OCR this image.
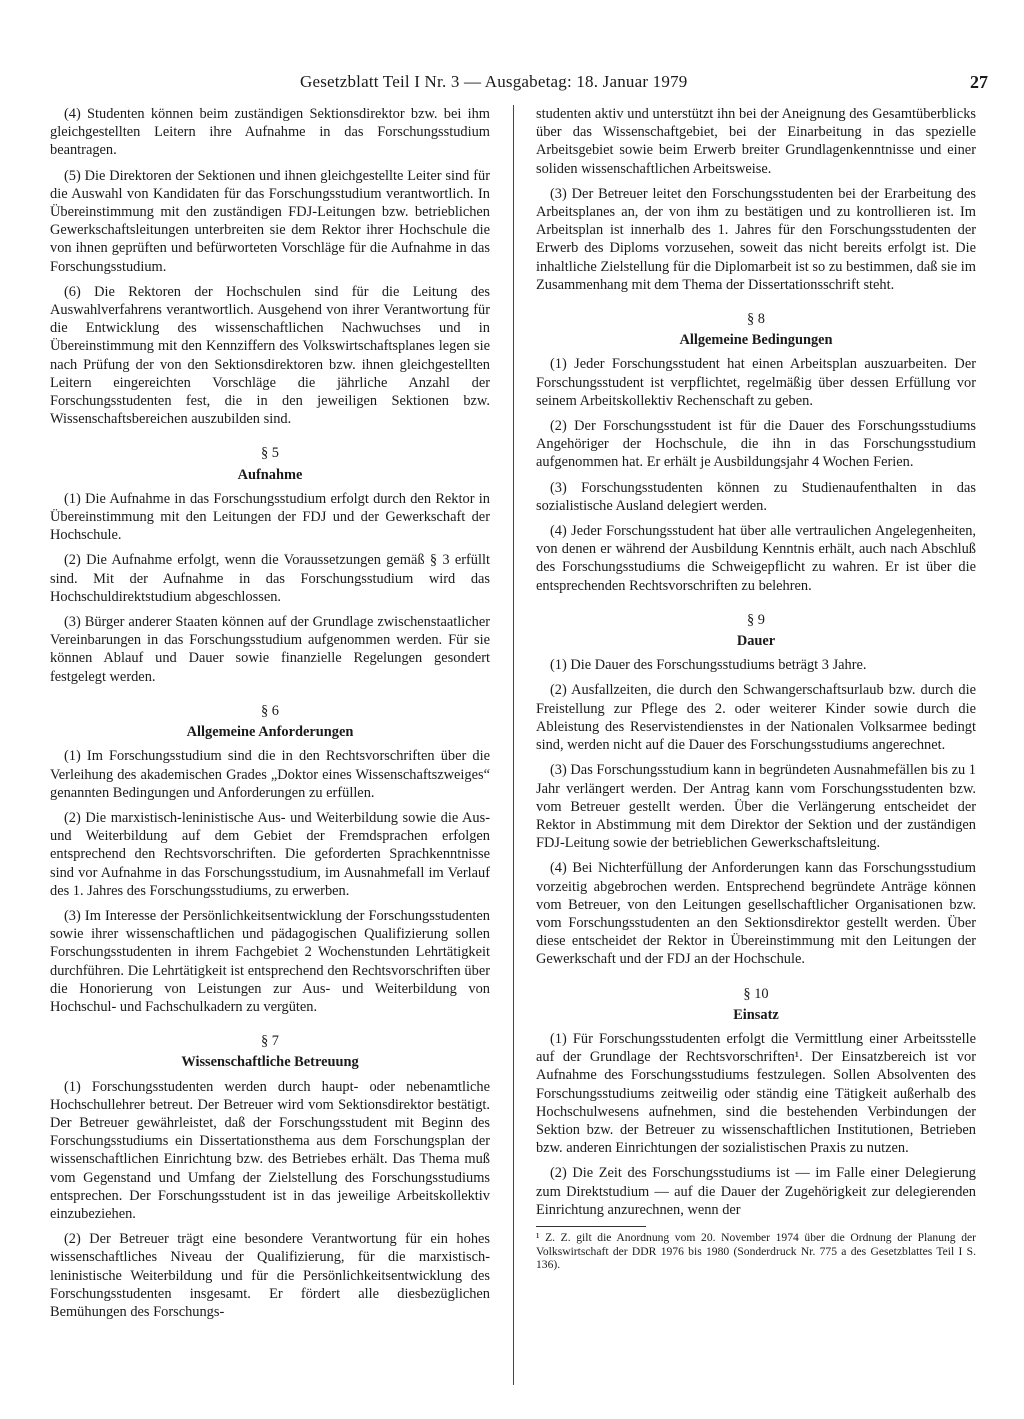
Gesetzblatt Teil I Nr. 3 — Ausgabetag: 18. Januar 1979	27

(4) Studenten können beim zuständigen Sektionsdirektor bzw. bei ihm gleichgestellten Leitern ihre Aufnahme in das Forschungsstudium beantragen.

(5) Die Direktoren der Sektionen und ihnen gleichgestellte Leiter sind für die Auswahl von Kandidaten für das Forschungsstudium verantwortlich. In Übereinstimmung mit den zuständigen FDJ-Leitungen bzw. betrieblichen Gewerkschaftsleitungen unterbreiten sie dem Rektor ihrer Hochschule die von ihnen geprüften und befürworteten Vorschläge für die Aufnahme in das Forschungsstudium.

(6) Die Rektoren der Hochschulen sind für die Leitung des Auswahlverfahrens verantwortlich. Ausgehend von ihrer Verantwortung für die Entwicklung des wissenschaftlichen Nachwuchses und in Übereinstimmung mit den Kennziffern des Volkswirtschaftsplanes legen sie nach Prüfung der von den Sektionsdirektoren bzw. ihnen gleichgestellten Leitern eingereichten Vorschläge die jährliche Anzahl der Forschungsstudenten fest, die in den jeweiligen Sektionen bzw. Wissenschaftsbereichen auszubilden sind.

§ 5
Aufnahme

(1) Die Aufnahme in das Forschungsstudium erfolgt durch den Rektor in Übereinstimmung mit den Leitungen der FDJ und der Gewerkschaft der Hochschule.

(2) Die Aufnahme erfolgt, wenn die Voraussetzungen gemäß § 3 erfüllt sind. Mit der Aufnahme in das Forschungsstudium wird das Hochschuldirektstudium abgeschlossen.

(3) Bürger anderer Staaten können auf der Grundlage zwischenstaatlicher Vereinbarungen in das Forschungsstudium aufgenommen werden. Für sie können Ablauf und Dauer sowie finanzielle Regelungen gesondert festgelegt werden.

§ 6
Allgemeine Anforderungen

(1) Im Forschungsstudium sind die in den Rechtsvorschriften über die Verleihung des akademischen Grades „Doktor eines Wissenschaftszweiges“ genannten Bedingungen und Anforderungen zu erfüllen.

(2) Die marxistisch-leninistische Aus- und Weiterbildung sowie die Aus- und Weiterbildung auf dem Gebiet der Fremdsprachen erfolgen entsprechend den Rechtsvorschriften. Die geforderten Sprachkenntnisse sind vor Aufnahme in das Forschungsstudium, im Ausnahmefall im Verlauf des 1. Jahres des Forschungsstudiums, zu erwerben.

(3) Im Interesse der Persönlichkeitsentwicklung der Forschungsstudenten sowie ihrer wissenschaftlichen und pädagogischen Qualifizierung sollen Forschungsstudenten in ihrem Fachgebiet 2 Wochenstunden Lehrtätigkeit durchführen. Die Lehrtätigkeit ist entsprechend den Rechtsvorschriften über die Honorierung von Leistungen zur Aus- und Weiterbildung von Hochschul- und Fachschulkadern zu vergüten.

§ 7
Wissenschaftliche Betreuung

(1) Forschungsstudenten werden durch haupt- oder nebenamtliche Hochschullehrer betreut. Der Betreuer wird vom Sektionsdirektor bestätigt. Der Betreuer gewährleistet, daß der Forschungsstudent mit Beginn des Forschungsstudiums ein Dissertationsthema aus dem Forschungsplan der wissenschaftlichen Einrichtung bzw. des Betriebes erhält. Das Thema muß vom Gegenstand und Umfang der Zielstellung des Forschungsstudiums entsprechen. Der Forschungsstudent ist in das jeweilige Arbeitskollektiv einzubeziehen.

(2) Der Betreuer trägt eine besondere Verantwortung für ein hohes wissenschaftliches Niveau der Qualifizierung, für die marxistisch-leninistische Weiterbildung und für die Persönlichkeitsentwicklung des Forschungsstudenten insgesamt. Er fördert alle diesbezüglichen Bemühungen des Forschungs-

studenten aktiv und unterstützt ihn bei der Aneignung des Gesamtüberblicks über das Wissenschaftgebiet, bei der Einarbeitung in das spezielle Arbeitsgebiet sowie beim Erwerb breiter Grundlagenkenntnisse und einer soliden wissenschaftlichen Arbeitsweise.

(3) Der Betreuer leitet den Forschungsstudenten bei der Erarbeitung des Arbeitsplanes an, der von ihm zu bestätigen und zu kontrollieren ist. Im Arbeitsplan ist innerhalb des 1. Jahres für den Forschungsstudenten der Erwerb des Diploms vorzusehen, soweit das nicht bereits erfolgt ist. Die inhaltliche Zielstellung für die Diplomarbeit ist so zu bestimmen, daß sie im Zusammenhang mit dem Thema der Dissertationsschrift steht.

§ 8
Allgemeine Bedingungen

(1) Jeder Forschungsstudent hat einen Arbeitsplan auszuarbeiten. Der Forschungsstudent ist verpflichtet, regelmäßig über dessen Erfüllung vor seinem Arbeitskollektiv Rechenschaft zu geben.

(2) Der Forschungsstudent ist für die Dauer des Forschungsstudiums Angehöriger der Hochschule, die ihn in das Forschungsstudium aufgenommen hat. Er erhält je Ausbildungsjahr 4 Wochen Ferien.

(3) Forschungsstudenten können zu Studienaufenthalten in das sozialistische Ausland delegiert werden.

(4) Jeder Forschungsstudent hat über alle vertraulichen Angelegenheiten, von denen er während der Ausbildung Kenntnis erhält, auch nach Abschluß des Forschungsstudiums die Schweigepflicht zu wahren. Er ist über die entsprechenden Rechtsvorschriften zu belehren.

§ 9
Dauer

(1) Die Dauer des Forschungsstudiums beträgt 3 Jahre.

(2) Ausfallzeiten, die durch den Schwangerschaftsurlaub bzw. durch die Freistellung zur Pflege des 2. oder weiterer Kinder sowie durch die Ableistung des Reservistendienstes in der Nationalen Volksarmee bedingt sind, werden nicht auf die Dauer des Forschungsstudiums angerechnet.

(3) Das Forschungsstudium kann in begründeten Ausnahmefällen bis zu 1 Jahr verlängert werden. Der Antrag kann vom Forschungsstudenten bzw. vom Betreuer gestellt werden. Über die Verlängerung entscheidet der Rektor in Abstimmung mit dem Direktor der Sektion und der zuständigen FDJ-Leitung sowie der betrieblichen Gewerkschaftsleitung.

(4) Bei Nichterfüllung der Anforderungen kann das Forschungsstudium vorzeitig abgebrochen werden. Entsprechend begründete Anträge können vom Betreuer, von den Leitungen gesellschaftlicher Organisationen bzw. vom Forschungsstudenten an den Sektionsdirektor gestellt werden. Über diese entscheidet der Rektor in Übereinstimmung mit den Leitungen der Gewerkschaft und der FDJ an der Hochschule.

§ 10
Einsatz

(1) Für Forschungsstudenten erfolgt die Vermittlung einer Arbeitsstelle auf der Grundlage der Rechtsvorschriften¹. Der Einsatzbereich ist vor Aufnahme des Forschungsstudiums festzulegen. Sollen Absolventen des Forschungsstudiums zeitweilig oder ständig eine Tätigkeit außerhalb des Hochschulwesens aufnehmen, sind die bestehenden Verbindungen der Sektion bzw. der Betreuer zu wissenschaftlichen Institutionen, Betrieben bzw. anderen Einrichtungen der sozialistischen Praxis zu nutzen.

(2) Die Zeit des Forschungsstudiums ist — im Falle einer Delegierung zum Direktstudium — auf die Dauer der Zugehörigkeit zur delegierenden Einrichtung anzurechnen, wenn der

¹ Z. Z. gilt die Anordnung vom 20. November 1974 über die Ordnung der Planung der Volkswirtschaft der DDR 1976 bis 1980 (Sonderdruck Nr. 775 a des Gesetzblattes Teil I S. 136).
